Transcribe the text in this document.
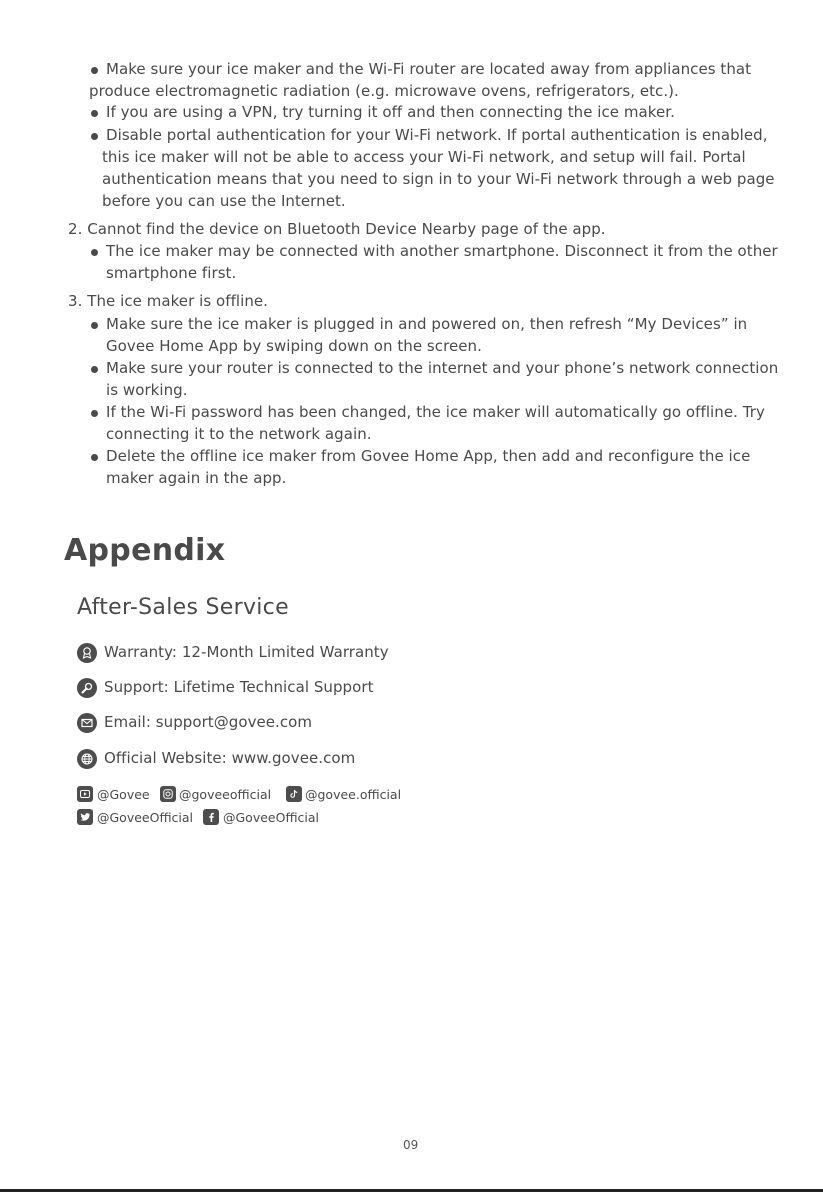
Make sure your ice maker and the Wi-Fi router are located away from appliances that
produce electromagnetic radiation (e.g. microwave ovens, refrigerators, etc.).
If you are using a VPN, try turning it off and then connecting the ice maker.
Disable portal authentication for your Wi-Fi network. If portal authentication is enabled,
this ice maker will not be able to access your Wi-Fi network, and setup will fail. Portal
authentication means that you need to sign in to your Wi-Fi network through a web page
before you can use the Internet.
2. Cannot find the device on Bluetooth Device Nearby page of the app.
The ice maker may be connected with another smartphone. Disconnect it from the other
smartphone first.
3. The ice maker is offline.
Make sure the ice maker is plugged in and powered on, then refresh “My Devices” in
Govee Home App by swiping down on the screen.
Make sure your router is connected to the internet and your phone’s network connection
is working.
If the Wi-Fi password has been changed, the ice maker will automatically go offline. Try
connecting it to the network again.
Delete the offline ice maker from Govee Home App, then add and reconfigure the ice
maker again in the app.
Appendix
After-Sales Service
Warranty: 12-Month Limited Warranty
Support: Lifetime Technical Support
Email: support@govee.com
Official Website: www.govee.com
@Govee @goveeofficial	@govee.official
@GoveeOfficial @GoveeOfficial
09
